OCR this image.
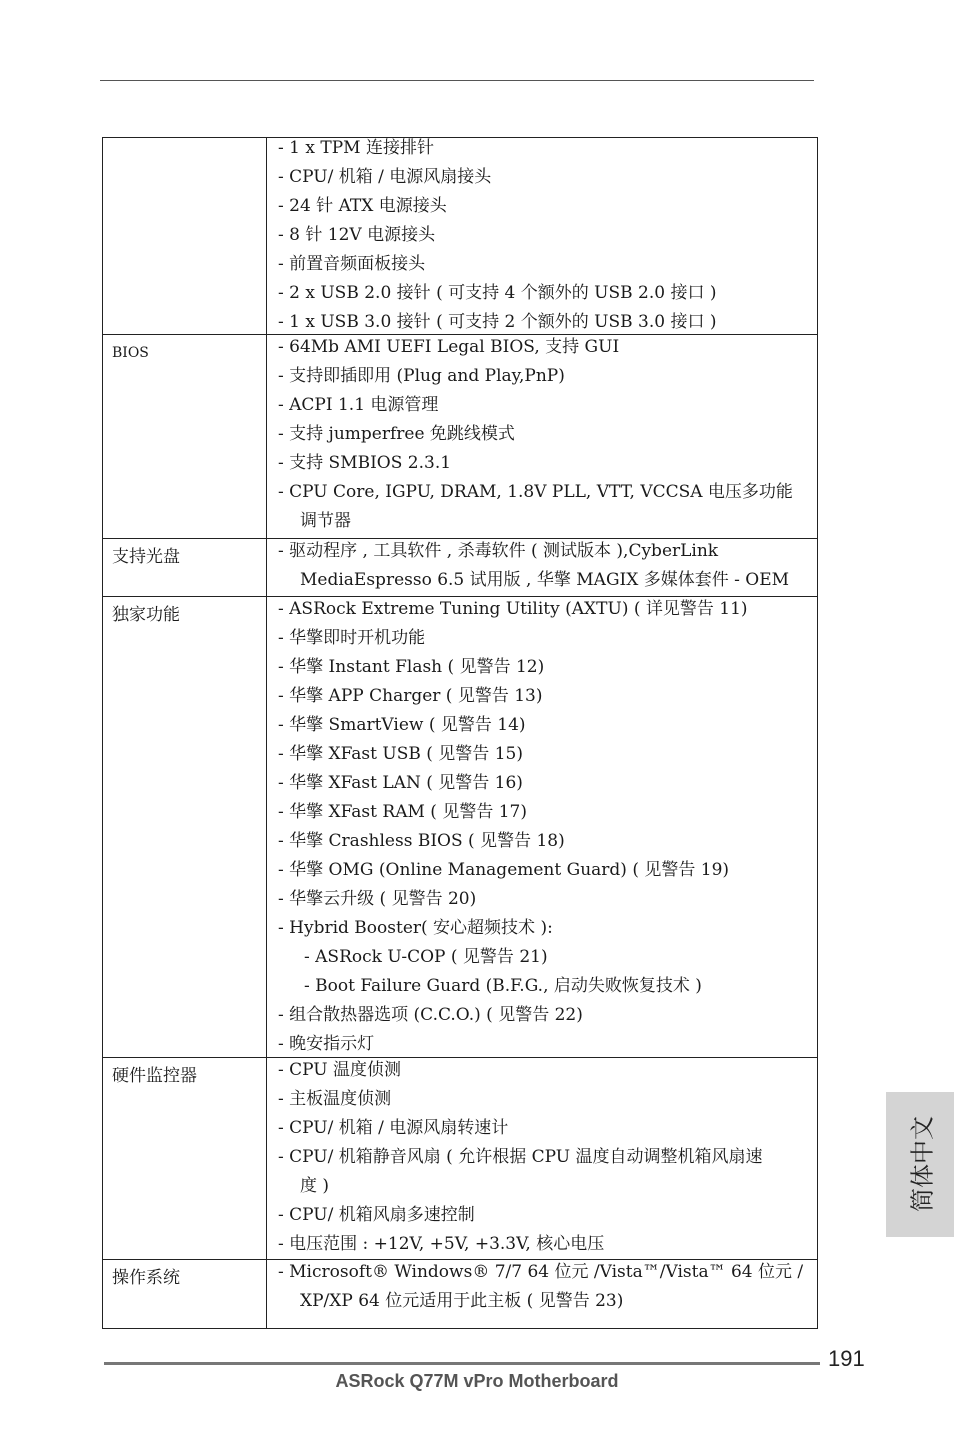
- 1 x TPM 连接排针
- CPU/ 机箱 / 电源风扇接头
- 24 针 ATX 电源接头
- 8 针 12V 电源接头
- 前置音频面板接头
- 2 x USB 2.0 接针 ( 可支持 4 个额外的 USB 2.0 接口 )
- 1 x USB 3.0 接针 ( 可支持 2 个额外的 USB 3.0 接口 )
BIOS	- 64Mb AMI UEFI Legal BIOS, 支持 GUI
- 支持即插即用 (Plug and Play,PnP)
- ACPI 1.1 电源管理
- 支持 jumperfree 免跳线模式
- 支持 SMBIOS 2.3.1
- CPU Core, IGPU, DRAM, 1.8V PLL, VTT, VCCSA 电压多功能
调节器
支持光盘	- 驱动程序 , 工具软件 , 杀毒软件 ( 测试版本 ),CyberLink
MediaEspresso 6.5 试用版 , 华擎 MAGIX 多媒体套件 - OEM
独家功能	- ASRock Extreme Tuning Utility (AXTU) ( 详见警告 11)
- 华擎即时开机功能
- 华擎 Instant Flash ( 见警告 12)
- 华擎 APP Charger ( 见警告 13)
- 华擎 SmartView ( 见警告 14)
- 华擎 XFast USB ( 见警告 15)
- 华擎 XFast LAN ( 见警告 16)
- 华擎 XFast RAM ( 见警告 17)
- 华擎 Crashless BIOS ( 见警告 18)
- 华擎 OMG (Online Management Guard) ( 见警告 19)
- 华擎云升级 ( 见警告 20)
- Hybrid Booster( 安心超频技术 ):
- ASRock U-COP ( 见警告 21)
- Boot Failure Guard (B.F.G., 启动失败恢复技术 )
- 组合散热器选项 (C.C.O.) ( 见警告 22)
- 晚安指示灯
硬件监控器	- CPU 温度侦测
- 主板温度侦测
- CPU/ 机箱 / 电源风扇转速计
- CPU/ 机箱静音风扇 ( 允许根据 CPU 温度自动调整机箱风扇速
度 )
- CPU/ 机箱风扇多速控制
- 电压范围 : +12V, +5V, +3.3V, 核心电压
操作系统	- Microsoft® Windows® 7/7 64 位元 /Vista™/Vista™ 64 位元 /
XP/XP 64 位元适用于此主板 ( 见警告 23)
简体中文
191
ASRock Q77M vPro Motherboard
